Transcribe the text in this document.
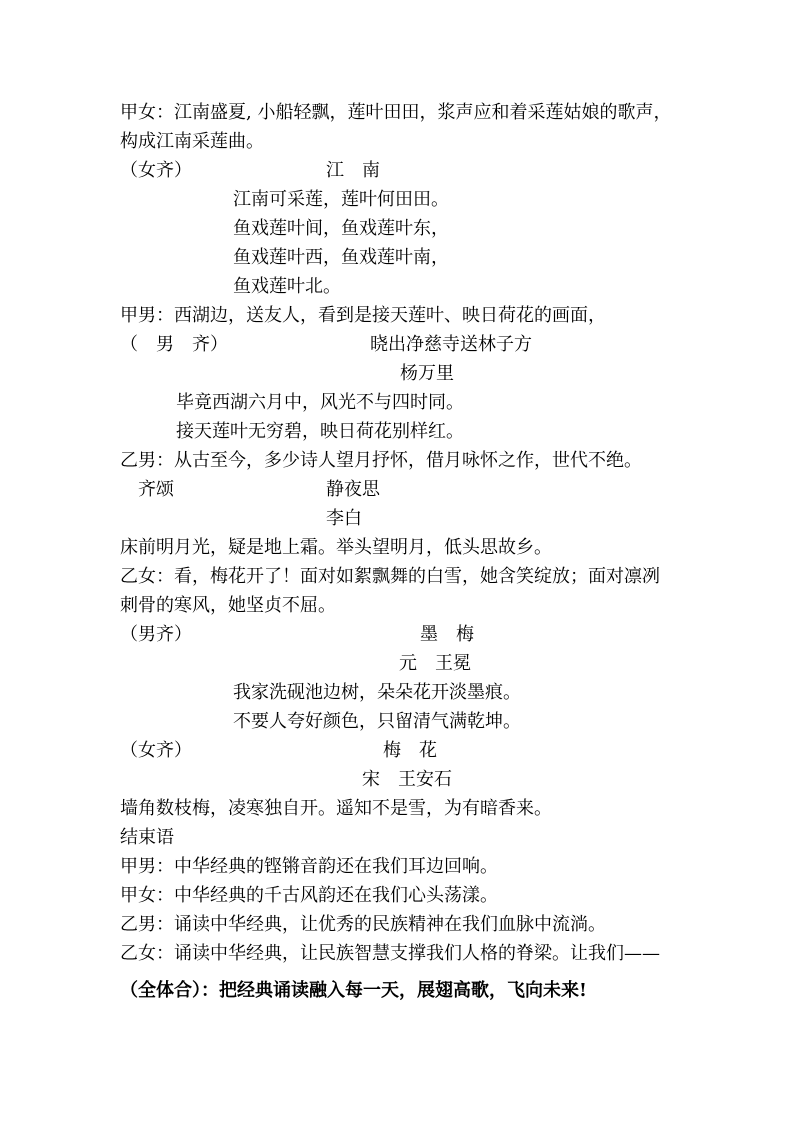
甲女：江南盛夏, 小船轻飘，莲叶田田，浆声应和着采莲姑娘的歌声，
构成江南采莲曲。
（女齐）	江　南
江南可采莲，莲叶何田田。
鱼戏莲叶间，鱼戏莲叶东，
鱼戏莲叶西，鱼戏莲叶南，
鱼戏莲叶北。
甲男：西湖边，送友人，看到是接天莲叶、映日荷花的画面，
（　男　齐）	晓出净慈寺送林子方
杨万里
毕竟西湖六月中，风光不与四时同。
接天莲叶无穷碧，映日荷花别样红。
乙男：从古至今，多少诗人望月抒怀，借月咏怀之作，世代不绝。
齐颂	静夜思
李白
床前明月光，疑是地上霜。举头望明月，低头思故乡。
乙女：看，梅花开了！面对如絮飘舞的白雪，她含笑绽放；面对凛冽
刺骨的寒风，她坚贞不屈。
（男齐）	墨　梅
元　王冕
我家洗砚池边树，朵朵花开淡墨痕。
不要人夸好颜色，只留清气满乾坤。
（女齐）	梅　花
宋　王安石
墙角数枝梅，凌寒独自开。遥知不是雪，为有暗香来。
结束语
甲男：中华经典的铿锵音韵还在我们耳边回响。
甲女：中华经典的千古风韵还在我们心头荡漾。
乙男：诵读中华经典，让优秀的民族精神在我们血脉中流淌。
乙女：诵读中华经典，让民族智慧支撑我们人格的脊梁。让我们——
（全体合）：把经典诵读融入每一天，展翅高歌，飞向未来!
